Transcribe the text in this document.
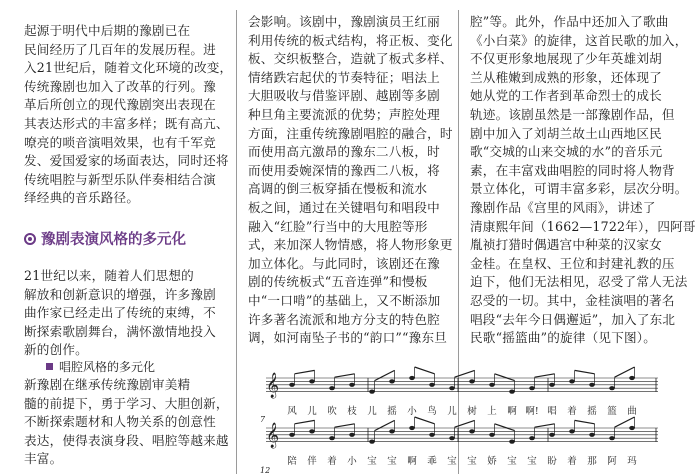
起源于明代中后期的豫剧已在
民间经历了几百年的发展历程。进
入21世纪后，随着文化环境的改变，
传统豫剧也加入了改革的行列。豫
革后所创立的现代豫剧突出表现在
其表达形式的丰富多样；既有高亢、
嘹亮的唢音演唱效果，也有千军竞
发、爱国爱家的场面表达，同时还将
传统唱腔与新型乐队伴奏相结合演
绎经典的音乐路径。
豫剧表演风格的多元化
21世纪以来，随着人们思想的
解放和创新意识的增强，许多豫剧
曲作家已经走出了传统的束缚，不
断探索歌剧舞台，满怀激情地投入
新的创作。
唱腔风格的多元化
新豫剧在继承传统豫剧审美精
髓的前提下，勇于学习、大胆创新，
不断探索题材和人物关系的创意性
表达，使得表演身段、唱腔等越来越
丰富。
会影响。该剧中，豫剧演员王红丽
利用传统的板式结构，将正板、变化
板、交织板整合，造就了板式多样、
情绪跌宕起伏的节奏特征；唱法上
大胆吸收与借鉴评剧、越剧等多剧
种旦角主要流派的优势；声腔处理
方面，注重传统豫剧唱腔的融合，时
而使用高亢激昂的豫东二八板，时
而使用委婉深情的豫西二八板，将
高调的倒三板穿插在慢板和流水
板之间，通过在关键唱句和唱段中
融入“红脸”行当中的大甩腔等形
式，来加深人物情感，将人物形象更
加立体化。与此同时，该剧还在豫
剧的传统板式“五音连弹”和慢板
中“一口啃”的基础上，又不断添加
许多著名流派和地方分支的特色腔
调，如河南坠子书的“韵口”“豫东旦
腔”等。此外，作品中还加入了歌曲
《小白菜》的旋律，这首民歌的加入，
不仅更形象地展现了少年英雄刘胡
兰从稚嫩到成熟的形象，还体现了
她从党的工作者到革命烈士的成长
轨迹。该剧虽然是一部豫剧作品，但
剧中加入了刘胡兰故土山西地区民
歌“交城的山来交城的水”的音乐元
素，在丰富戏曲唱腔的同时将人物背
景立体化，可谓丰富多彩，层次分明。
豫剧作品《宫里的风雨》，讲述了
清康熙年间（1662—1722年），四阿哥
胤祯打猎时偶遇宫中种菜的汉家女
金桂。在皇权、王位和封建礼教的压
迫下，他们无法相见，忍受了常人无法
忍受的一切。其中，金桂演唱的著名
唱段“去年今日偶邂逅”，加入了东北
民歌“摇篮曲”的旋律（见下图）。
𝄞
𝄞
7
12
风 儿 吹 枝 儿 摇 小 鸟 儿 树 上 啊 啊! 唱 着 摇 篮 曲
陪 伴 着 小 宝 宝 啊 乖 宝 宝 娇 宝 宝 盼 着 那 阿 玛
